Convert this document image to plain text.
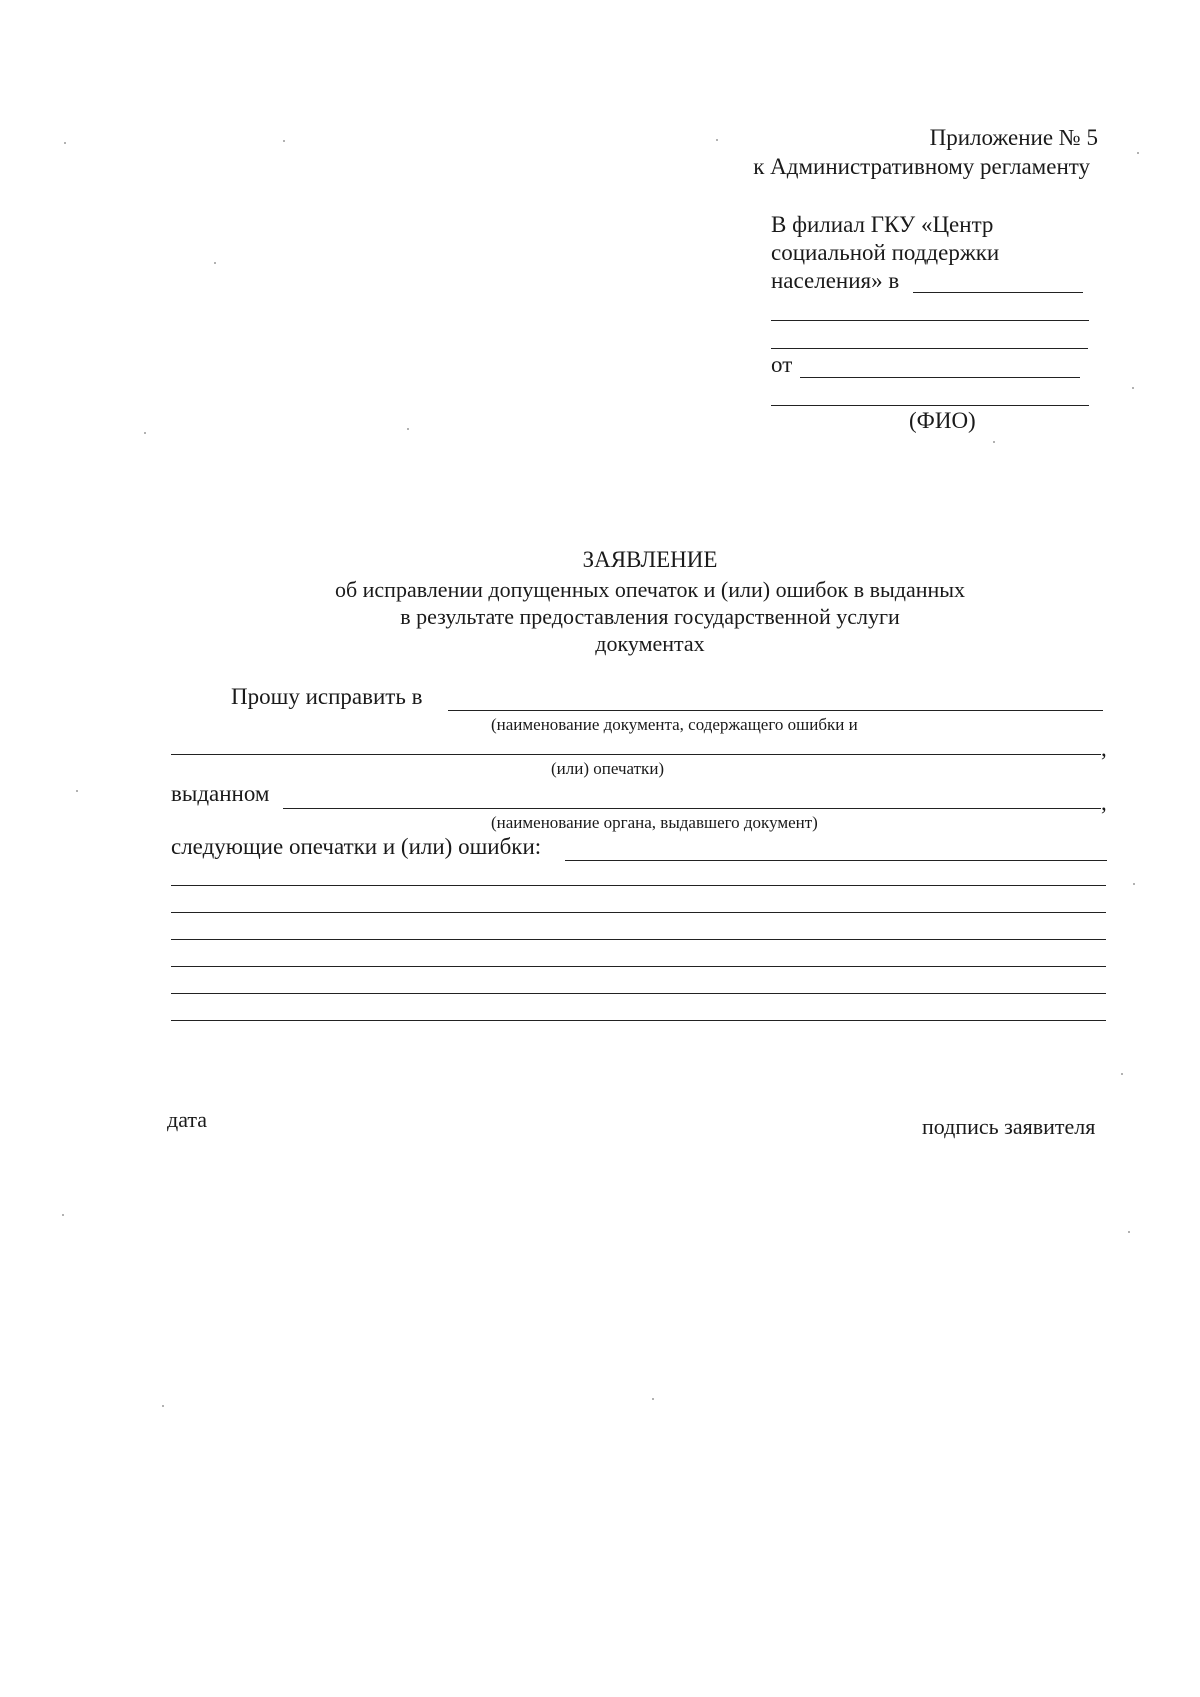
Приложение № 5
к Административному регламенту
В филиал ГКУ «Центр
социальной поддержки
населения» в
от
(ФИО)
ЗАЯВЛЕНИЕ
об исправлении допущенных опечаток и (или) ошибок в выданных
в результате предоставления государственной услуги
документах
Прошу исправить в
(наименование документа, содержащего ошибки и
,
(или) опечатки)
выданном	,
(наименование органа, выдавшего документ)
следующие опечатки и (или) ошибки:
дата	подпись заявителя
